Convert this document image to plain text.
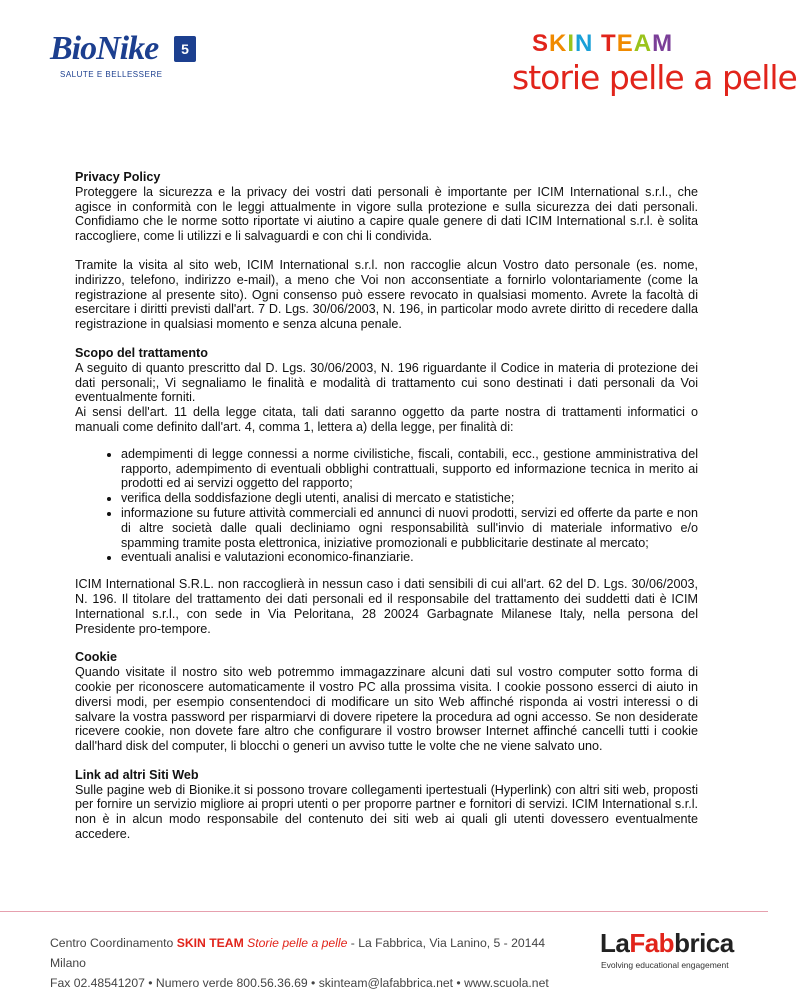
BioNike	5
SALUTE E BELLESSERE
SKIN TEAM
storie pelle a pelle

Privacy Policy

Proteggere la sicurezza e la privacy dei vostri dati personali è importante per ICIM International s.r.l., che agisce in conformità con le leggi attualmente in vigore sulla protezione e sulla sicurezza dei dati personali. Confidiamo che le norme sotto riportate vi aiutino a capire quale genere di dati ICIM International s.r.l. è solita raccogliere, come li utilizzi e li salvaguardi e con chi li condivida.

Tramite la visita al sito web, ICIM International s.r.l. non raccoglie alcun Vostro dato personale (es. nome, indirizzo, telefono, indirizzo e-mail), a meno che Voi non acconsentiate a fornirlo volontariamente (come la registrazione al presente sito). Ogni consenso può essere revocato in qualsiasi momento. Avrete la facoltà di esercitare i diritti previsti dall'art. 7 D. Lgs. 30/06/2003, N. 196, in particolar modo avrete diritto di recedere dalla registrazione in qualsiasi momento e senza alcuna penale.

Scopo del trattamento

A seguito di quanto prescritto dal D. Lgs. 30/06/2003, N. 196 riguardante il Codice in materia di protezione dei dati personali;, Vi segnaliamo le finalità e modalità di trattamento cui sono destinati i dati personali da Voi eventualmente forniti.

Ai sensi dell'art. 11 della legge citata, tali dati saranno oggetto da parte nostra di trattamenti informatici o manuali come definito dall'art. 4, comma 1, lettera a) della legge, per finalità di:

• adempimenti di legge connessi a norme civilistiche, fiscali, contabili, ecc., gestione amministrativa del rapporto, adempimento di eventuali obblighi contrattuali, supporto ed informazione tecnica in merito ai prodotti ed ai servizi oggetto del rapporto;
• verifica della soddisfazione degli utenti, analisi di mercato e statistiche;
• informazione su future attività commerciali ed annunci di nuovi prodotti, servizi ed offerte da parte e non di altre società dalle quali decliniamo ogni responsabilità sull'invio di materiale informativo e/o spamming tramite posta elettronica, iniziative promozionali e pubblicitarie destinate al mercato;
• eventuali analisi e valutazioni economico-finanziarie.

ICIM International S.R.L. non raccoglierà in nessun caso i dati sensibili di cui all'art. 62 del D. Lgs. 30/06/2003, N. 196. Il titolare del trattamento dei dati personali ed il responsabile del trattamento dei suddetti dati è ICIM International s.r.l., con sede in Via Peloritana, 28 20024 Garbagnate Milanese Italy, nella persona del Presidente pro-tempore.

Cookie

Quando visitate il nostro sito web potremmo immagazzinare alcuni dati sul vostro computer sotto forma di cookie per riconoscere automaticamente il vostro PC alla prossima visita. I cookie possono esserci di aiuto in diversi modi, per esempio consentendoci di modificare un sito Web affinché risponda ai vostri interessi o di salvare la vostra password per risparmiarvi di dovere ripetere la procedura ad ogni accesso. Se non desiderate ricevere cookie, non dovete fare altro che configurare il vostro browser Internet affinché cancelli tutti i cookie dall'hard disk del computer, li blocchi o generi un avviso tutte le volte che ne viene salvato uno.

Link ad altri Siti Web

Sulle pagine web di Bionike.it si possono trovare collegamenti ipertestuali (Hyperlink) con altri siti web, proposti per fornire un servizio migliore ai propri utenti o per proporre partner e fornitori di servizi. ICIM International s.r.l. non è in alcun modo responsabile del contenuto dei siti web ai quali gli utenti dovessero eventualmente accedere.

Centro Coordinamento SKIN TEAM Storie pelle a pelle - La Fabbrica, Via Lanino, 5 - 20144 Milano
Fax 02.48541207 • Numero verde 800.56.36.69 • skinteam@lafabbrica.net • www.scuola.net
LaFabbrica
Evolving educational engagement
